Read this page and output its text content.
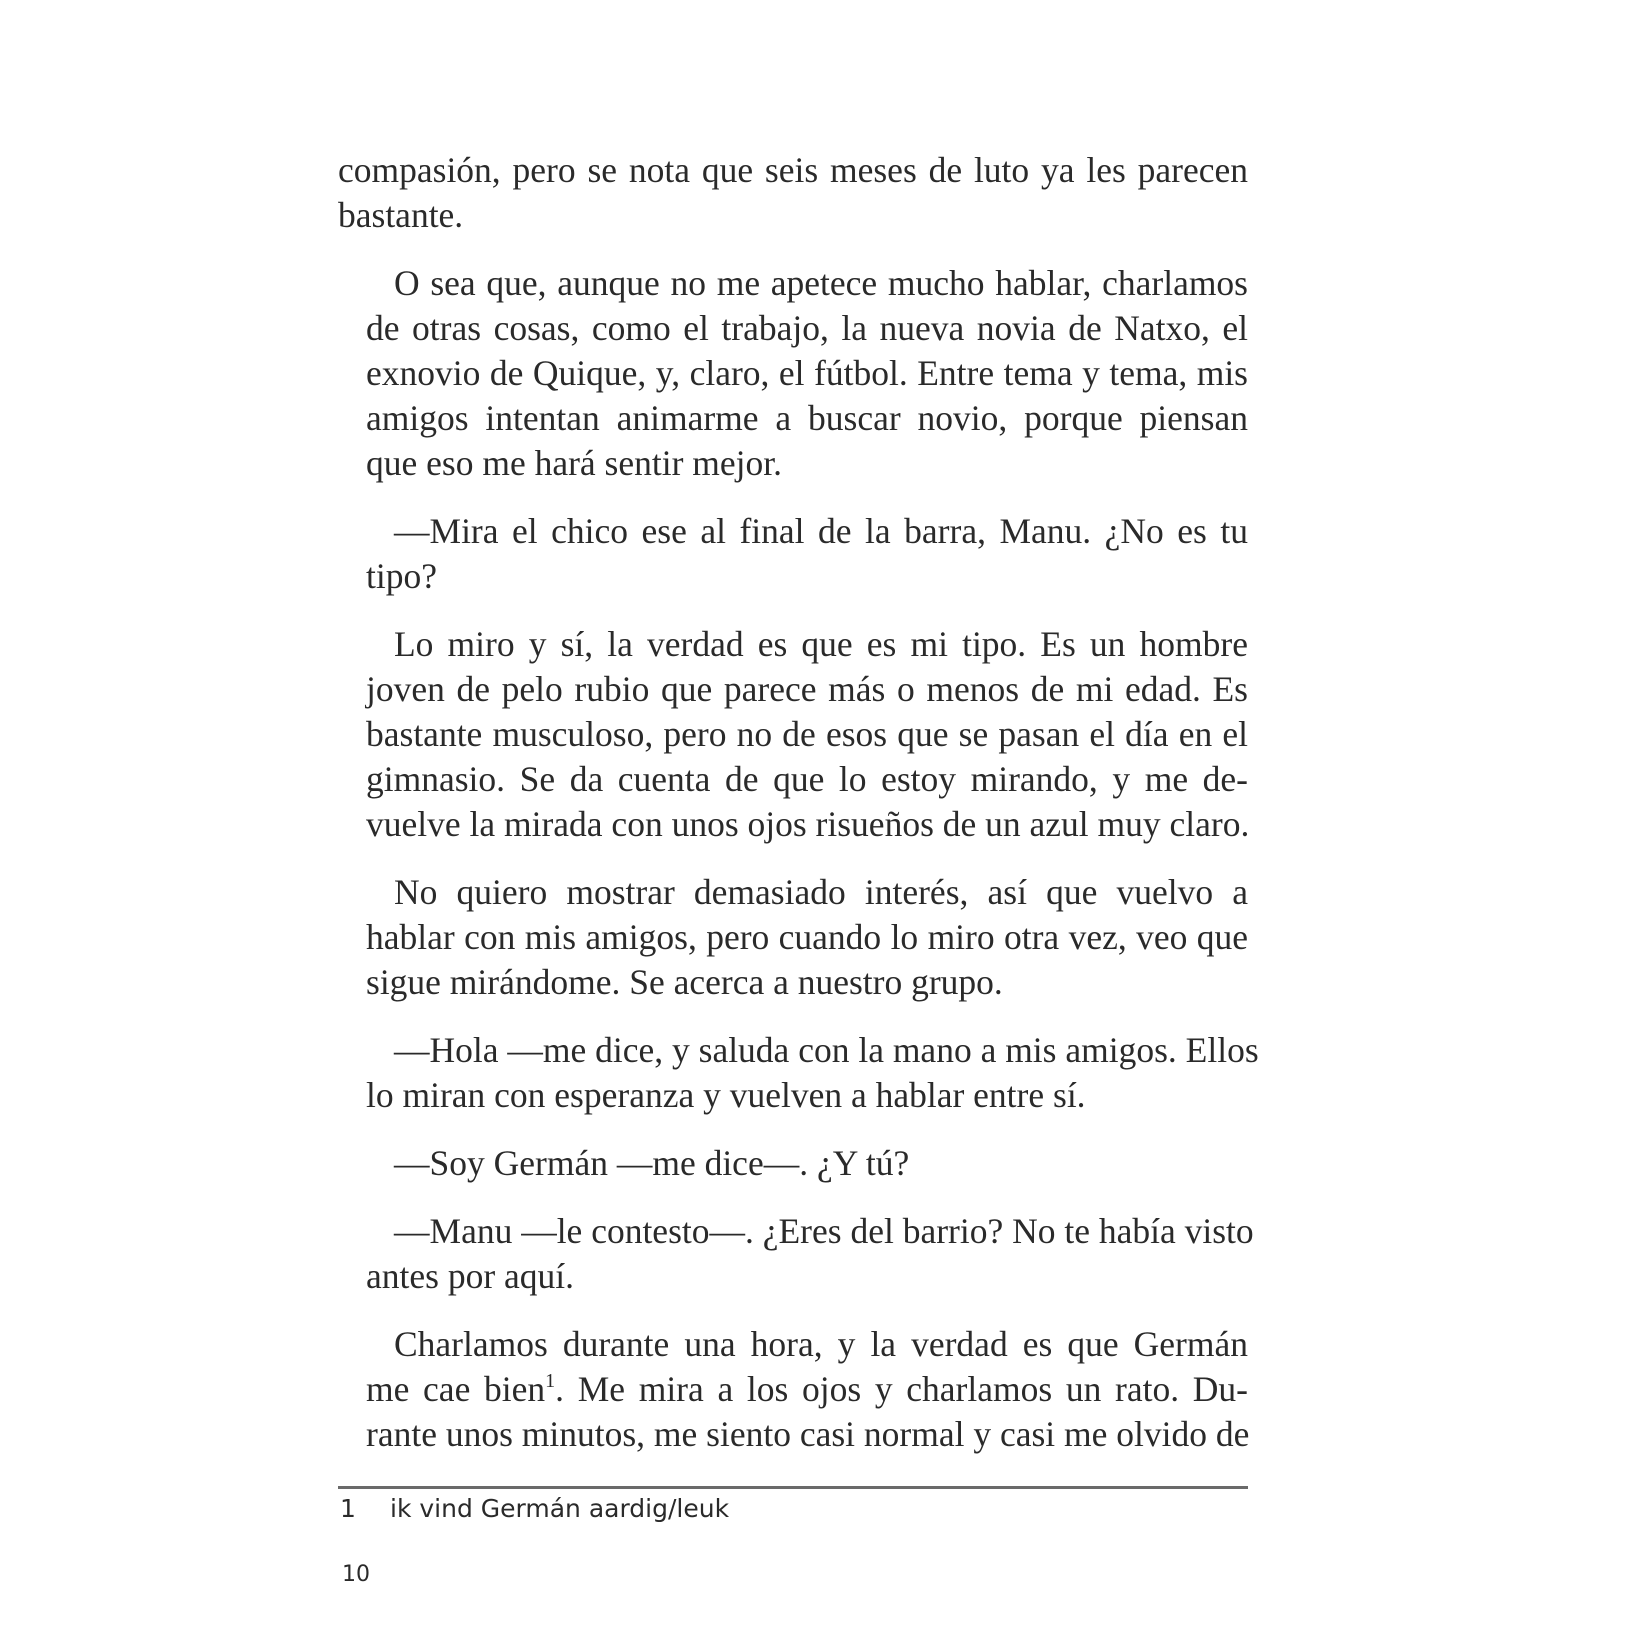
compasión, pero se nota que seis meses de luto ya les parecen
bastante.
O sea que, aunque no me apetece mucho hablar, charlamos
de otras cosas, como el trabajo, la nueva novia de Natxo, el
exnovio de Quique, y, claro, el fútbol. Entre tema y tema, mis
amigos intentan animarme a buscar novio, porque piensan
que eso me hará sentir mejor.
—Mira el chico ese al final de la barra, Manu. ¿No es tu
tipo?
Lo miro y sí, la verdad es que es mi tipo. Es un hombre
joven de pelo rubio que parece más o menos de mi edad. Es
bastante musculoso, pero no de esos que se pasan el día en el
gimnasio. Se da cuenta de que lo estoy mirando, y me de-
vuelve la mirada con unos ojos risueños de un azul muy claro.
No quiero mostrar demasiado interés, así que vuelvo a
hablar con mis amigos, pero cuando lo miro otra vez, veo que
sigue mirándome. Se acerca a nuestro grupo.
—Hola —me dice, y saluda con la mano a mis amigos. Ellos
lo miran con esperanza y vuelven a hablar entre sí.
—Soy Germán —me dice—. ¿Y tú?
—Manu —le contesto—. ¿Eres del barrio? No te había visto
antes por aquí.
Charlamos durante una hora, y la verdad es que Germán
me cae bien$^1$. Me mira a los ojos y charlamos un rato. Du-
rante unos minutos, me siento casi normal y casi me olvido de
1 ik vind Germán aardig/leuk
10
